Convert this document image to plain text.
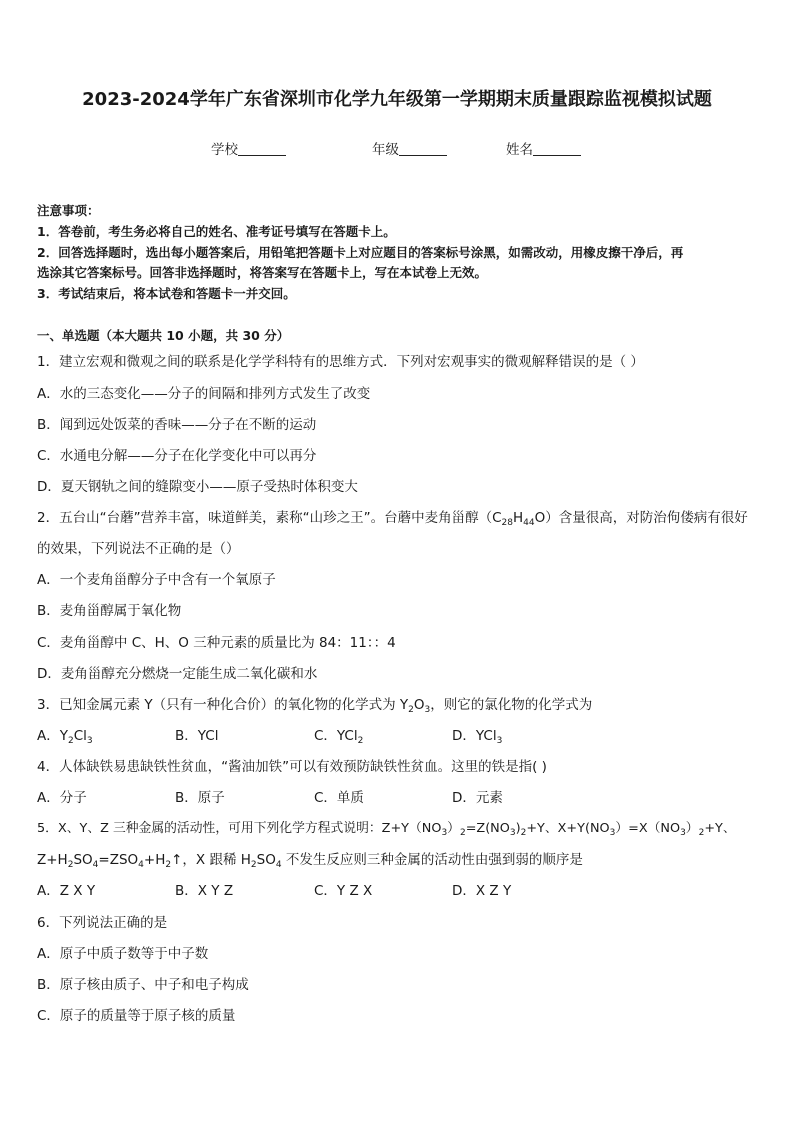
2023-2024学年广东省深圳市化学九年级第一学期期末质量跟踪监视模拟试题
学校	年级	姓名
注意事项：
1．答卷前，考生务必将自己的姓名、准考证号填写在答题卡上。
2．回答选择题时，选出每小题答案后，用铅笔把答题卡上对应题目的答案标号涂黑，如需改动，用橡皮擦干净后，再
选涂其它答案标号。回答非选择题时，将答案写在答题卡上，写在本试卷上无效。
3．考试结束后，将本试卷和答题卡一并交回。
一、单选题（本大题共 10 小题，共 30 分）
1．建立宏观和微观之间的联系是化学学科特有的思维方式．下列对宏观事实的微观解释错误的是（ ）
A．水的三态变化——分子的间隔和排列方式发生了改变
B．闻到远处饭菜的香味——分子在不断的运动
C．水通电分解——分子在化学变化中可以再分
D．夏天钢轨之间的缝隙变小——原子受热时体积变大
2．五台山“台蘑”营养丰富，味道鲜美，素称“山珍之王”。台蘑中麦角甾醇$(C_{28}H_{44}O)$含量很高，对防治佝偻病有很好
的效果，下列说法不正确的是（）
A．一个麦角甾醇分子中含有一个氧原子
B．麦角甾醇属于氧化物
C．麦角甾醇中 C、H、O 三种元素的质量比为 84：11：：4
D．麦角甾醇充分燃烧一定能生成二氧化碳和水
3．已知金属元素 Y（只有一种化合价）的氧化物的化学式为 $Y_2O_3$，则它的氯化物的化学式为
A．$Y_2Cl_3$	B．YCl	C．YCl$_2$	D．YCl$_3$
4．人体缺铁易患缺铁性贫血，“酱油加铁”可以有效预防缺铁性贫血。这里的铁是指( )
A．分子	B．原子	C．单质	D．元素
5．X、Y、Z 三种金属的活动性，可用下列化学方程式说明：$Z+Y(NO_3)_2=Z(NO_3)_2+Y$、$X+Y(NO_3)=X(NO_3)_2+Y$、
$Z+H_2SO_4=ZSO_4+H_2↑$，X 跟稀 $H_2SO_4$ 不发生反应则三种金属的活动性由强到弱的顺序是
A．Z X Y	B．X Y Z	C．Y Z X	D．X Z Y
6．下列说法正确的是
A．原子中质子数等于中子数
B．原子核由质子、中子和电子构成
C．原子的质量等于原子核的质量
